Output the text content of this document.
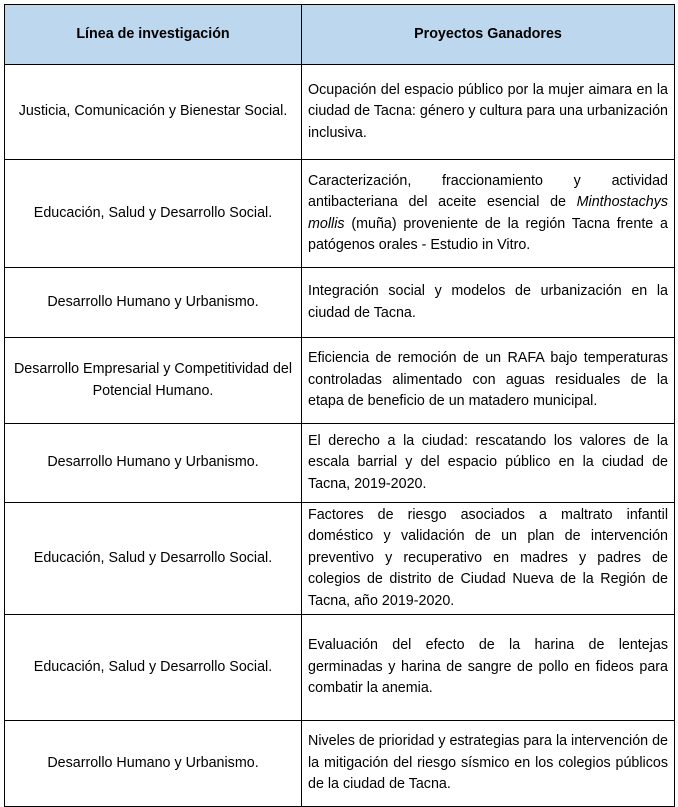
Línea de investigación	Proyectos Ganadores
Justicia, Comunicación y Bienestar Social.	Ocupación del espacio público por la mujer aimara en la ciudad de Tacna: género y cultura para una urbanización inclusiva.
Educación, Salud y Desarrollo Social.	Caracterización, fraccionamiento y actividad antibacteriana del aceite esencial de Minthostachys mollis (muña) proveniente de la región Tacna frente a patógenos orales - Estudio in Vitro.
Desarrollo Humano y Urbanismo.	Integración social y modelos de urbanización en la ciudad de Tacna.
Desarrollo Empresarial y Competitividad del Potencial Humano.	Eficiencia de remoción de un RAFA bajo temperaturas controladas alimentado con aguas residuales de la etapa de beneficio de un matadero municipal.
Desarrollo Humano y Urbanismo.	El derecho a la ciudad: rescatando los valores de la escala barrial y del espacio público en la ciudad de Tacna, 2019-2020.
Educación, Salud y Desarrollo Social.	Factores de riesgo asociados a maltrato infantil doméstico y validación de un plan de intervención preventivo y recuperativo en madres y padres de colegios de distrito de Ciudad Nueva de la Región de Tacna, año 2019-2020.
Educación, Salud y Desarrollo Social.	Evaluación del efecto de la harina de lentejas germinadas y harina de sangre de pollo en fideos para combatir la anemia.
Desarrollo Humano y Urbanismo.	Niveles de prioridad y estrategias para la intervención de la mitigación del riesgo sísmico en los colegios públicos de la ciudad de Tacna.
